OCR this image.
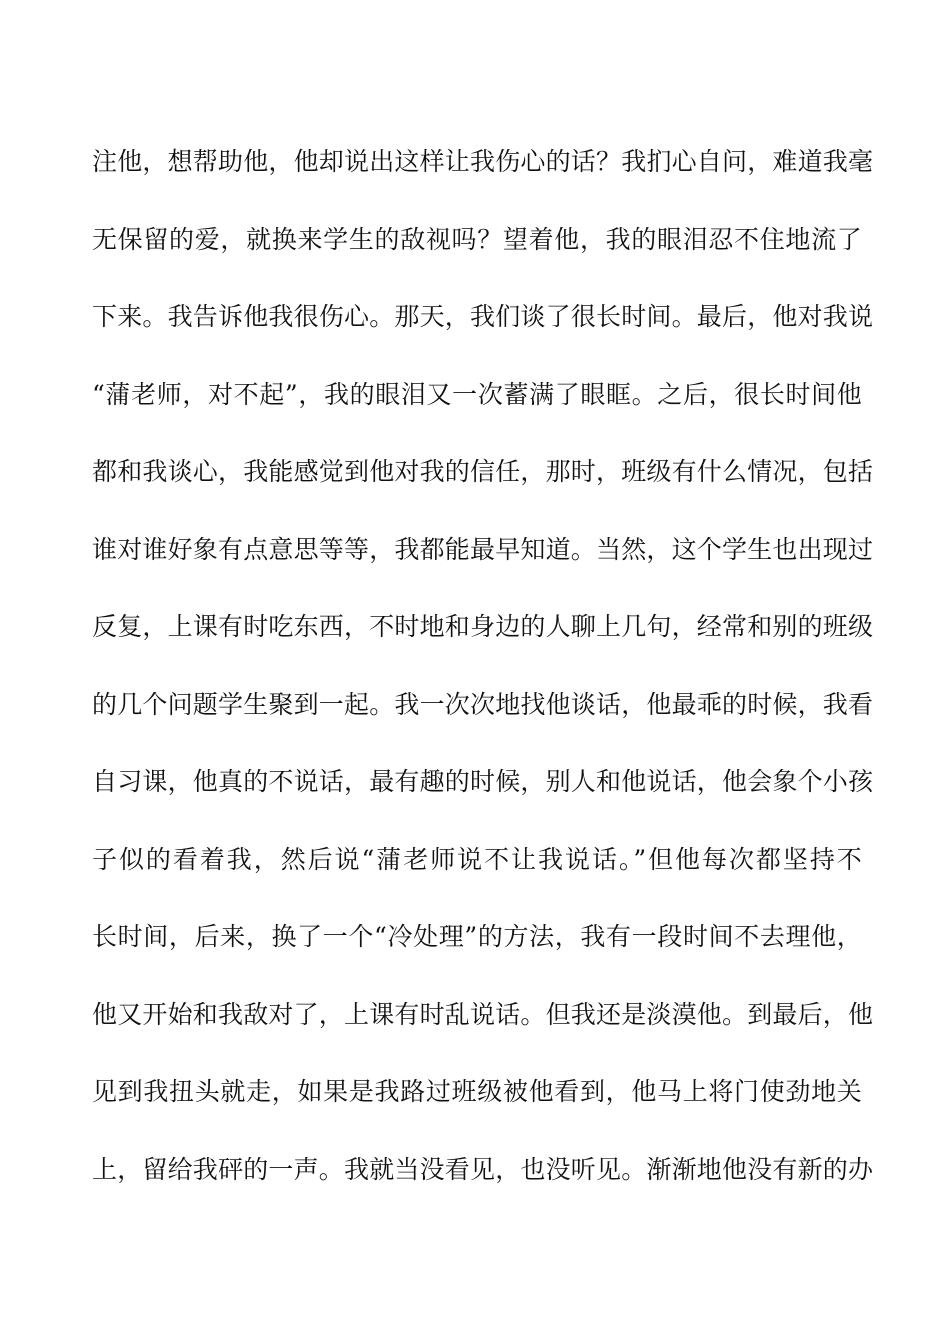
注他，想帮助他，他却说出这样让我伤心的话？我扪心自问，难道我毫
无保留的爱，就换来学生的敌视吗？望着他，我的眼泪忍不住地流了
下来。我告诉他我很伤心。那天，我们谈了很长时间。最后，他对我说
“蒲老师，对不起”，我的眼泪又一次蓄满了眼眶。之后，很长时间他
都和我谈心，我能感觉到他对我的信任，那时，班级有什么情况，包括
谁对谁好象有点意思等等，我都能最早知道。当然，这个学生也出现过
反复，上课有时吃东西，不时地和身边的人聊上几句，经常和别的班级
的几个问题学生聚到一起。我一次次地找他谈话，他最乖的时候，我看
自习课，他真的不说话，最有趣的时候，别人和他说话，他会象个小孩
子似的看着我，然后说“蒲老师说不让我说话。”但他每次都坚持不
长时间，后来，换了一个“冷处理”的方法，我有一段时间不去理他，
他又开始和我敌对了，上课有时乱说话。但我还是淡漠他。到最后，他
见到我扭头就走，如果是我路过班级被他看到，他马上将门使劲地关
上，留给我砰的一声。我就当没看见，也没听见。渐渐地他没有新的办
